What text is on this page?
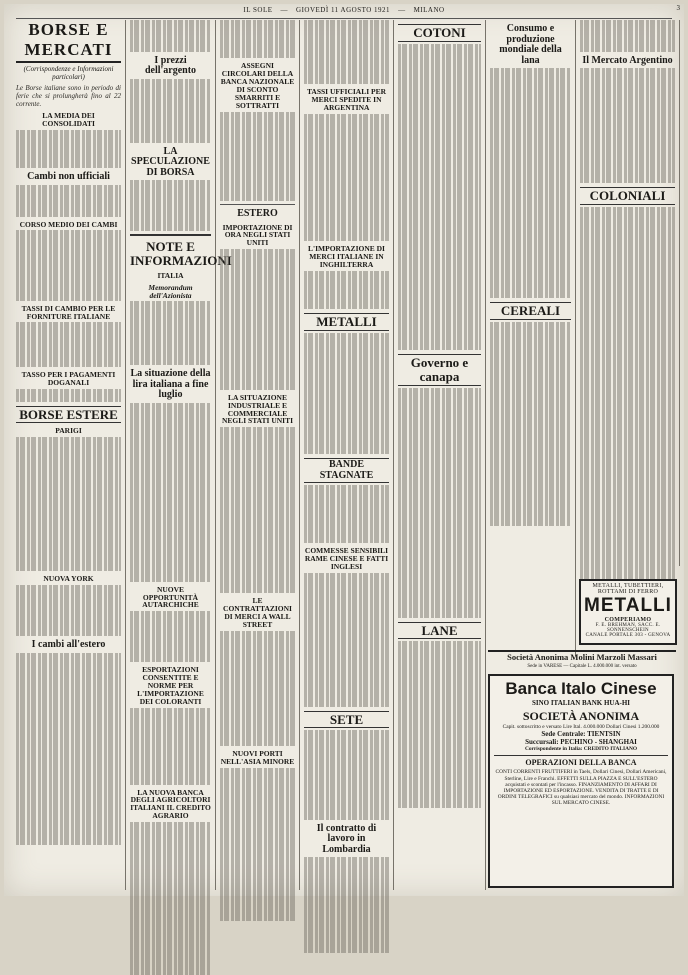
IL SOLE — GIOVEDÌ 11 AGOSTO 1921 — MILANO	3
BORSE E MERCATI
(Corrispondenze e Informazioni particolari)

Le Borse italiane sono in periodo di ferie che si prolungherà fino al 22 corrente.

LA MEDIA DEI CONSOLIDATI
Cambi non ufficiali
CORSO MEDIO DEI CAMBI
TASSI DI CAMBIO PER LE FORNITURE ITALIANE
TASSO PER I PAGAMENTI DOGANALI
BORSE ESTERE
PARIGI
NUOVA YORK
I cambi all'estero
I prezzi dell'argento
LA SPECULAZIONE DI BORSA
NOTE E INFORMAZIONI
ITALIA
Memorandum dell'Azionista
La situazione della lira italiana a fine luglio
NUOVE OPPORTUNITÀ AUTARCHICHE
ESPORTAZIONI CONSENTITE E NORME PER L'IMPORTAZIONE DEI COLORANTI
LA NUOVA BANCA DEGLI AGRICOLTORI ITALIANI IL CREDITO AGRARIO
ASSEGNI CIRCOLARI DELLA BANCA NAZIONALE DI SCONTO SMARRITI E SOTTRATTI
ESTERO
IMPORTAZIONE DI ORA NEGLI STATI UNITI
LA SITUAZIONE INDUSTRIALE E COMMERCIALE NEGLI STATI UNITI
LE CONTRATTAZIONI DI MERCI A WALL STREET
NUOVI PORTI NELL'ASIA MINORE
TASSI UFFICIALI PER MERCI SPEDITE IN ARGENTINA
L'IMPORTAZIONE DI MERCI ITALIANE IN INGHILTERRA
METALLI
BANDE STAGNATE
COMMESSE SENSIBILI RAME CINESE E FATTI INGLESI
SETE
Il contratto di lavoro in Lombardia
COTONI
Governo e canapa
LANE
Consumo e produzione mondiale della lana
CEREALI
Il Mercato Argentino
COLONIALI
METALLI, TUBETTIERI, ROTTAMI DI FERRO
METALLI
COMPERIAMO
F. E. BREHMAN, SACC. E. SONNENSCHEIN
CANALE PORTALE 303 - GENOVA
Società Anonima Molini Marzoli Massari
Sede in VARESE — Capitale L. 4.000.000 int. versato
Banca Italo Cinese
SINO ITALIAN BANK HUA-HI
SOCIETÀ ANONIMA
Capit. sottoscritto e versato Lire Ital. 4.000.000 Dollari Cinesi 1.200.000
Sede Centrale: TIENTSIN
Succursali: PECHINO - SHANGHAI
Corrispondente in Italia: CREDITO ITALIANO
OPERAZIONI DELLA BANCA
CONTI CORRENTI FRUTTIFERI in Taels, Dollari Cinesi, Dollari Americani, Sterline, Lire e Franchi. EFFETTI SULLA PIAZZA E SULL'ESTERO acquistati e scontati per l'incasso. FINANZIAMENTO DI AFFARI DI IMPORTAZIONE ED ESPORTAZIONE. VENDITA DI TRATTE E DI ORDINI TELEGRAFICI su qualsiasi mercato del mondo. INFORMAZIONI SUL MERCATO CINESE.
